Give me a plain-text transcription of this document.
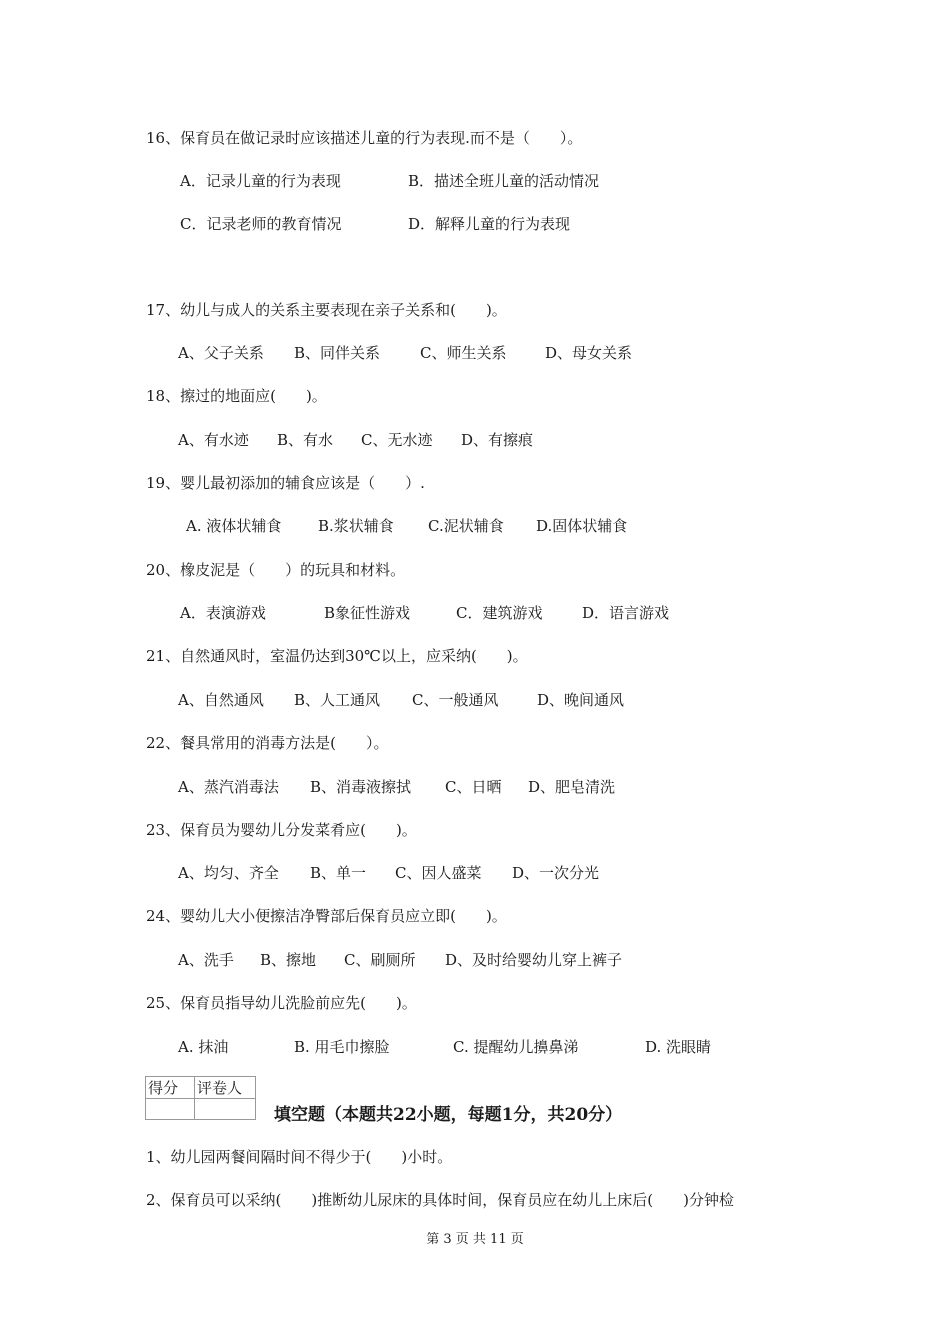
16、保育员在做记录时应该描述儿童的行为表现.而不是（　　）。
A．记录儿童的行为表现	B．描述全班儿童的活动情况
C．记录老师的教育情况	D．解释儿童的行为表现
17、幼儿与成人的关系主要表现在亲子关系和(　　)。
A、父子关系 B、同伴关系	C、师生关系	D、母女关系
18、擦过的地面应(　　)。
A、有水迹 B、有水 C、无水迹 D、有擦痕
19、婴儿最初添加的辅食应该是（　　）.
A. 液体状辅食 B.浆状辅食 C.泥状辅食 D.固体状辅食
20、橡皮泥是（　　）的玩具和材料。
A．表演游戏	B象征性游戏	C．建筑游戏	D．语言游戏
21、自然通风时，室温仍达到30℃以上，应采纳(　　)。
A、自然通风 B、人工通风 C、一般通风	D、晚间通风
22、餐具常用的消毒方法是(　　）。
A、蒸汽消毒法 B、消毒液擦拭 C、日晒 D、肥皂清洗
23、保育员为婴幼儿分发菜肴应(　　)。
A、均匀、齐全 B、单一 C、因人盛菜 D、一次分光
24、婴幼儿大小便擦洁净臀部后保育员应立即(　　)。
A、洗手 B、擦地 C、刷厕所 D、及时给婴幼儿穿上裤子
25、保育员指导幼儿洗脸前应先(　　)。
A. 抹油	B. 用毛巾擦脸	C. 提醒幼儿擤鼻涕	D. 洗眼睛
得分	评卷人

填空题（本题共22小题，每题1分，共20分）
1、幼儿园两餐间隔时间不得少于(　　)小时。
2、保育员可以采纳(　　)推断幼儿尿床的具体时间，保育员应在幼儿上床后(　　)分钟检
第 3 页 共 11 页
